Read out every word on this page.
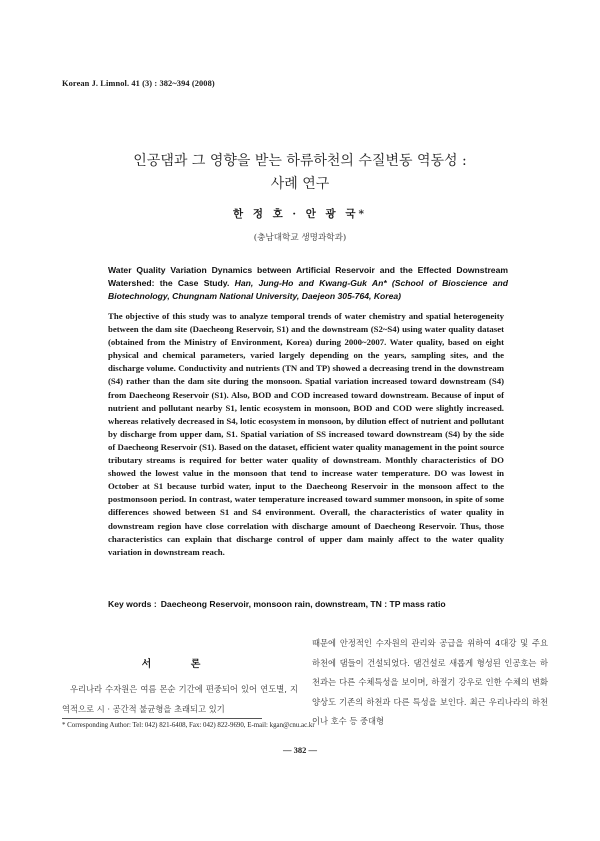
Korean J. Limnol. 41 (3) : 382~394 (2008)
인공댐과 그 영향을 받는 하류하천의 수질변동 역동성 :
사례 연구
한 정 호 · 안 광 국*
(충남대학교 생명과학과)
Water Quality Variation Dynamics between Artificial Reservoir and the Effected Downstream Watershed: the Case Study. Han, Jung-Ho and Kwang-Guk An* (School of Bioscience and Biotechnology, Chungnam National University, Daejeon 305-764, Korea)
The objective of this study was to analyze temporal trends of water chemistry and spatial heterogeneity between the dam site (Daecheong Reservoir, S1) and the downstream (S2~S4) using water quality dataset (obtained from the Ministry of Environment, Korea) during 2000~2007. Water quality, based on eight physical and chemical parameters, varied largely depending on the years, sampling sites, and the discharge volume. Conductivity and nutrients (TN and TP) showed a decreasing trend in the downstream (S4) rather than the dam site during the monsoon. Spatial variation increased toward downstream (S4) from Daecheong Reservoir (S1). Also, BOD and COD increased toward downstream. Because of input of nutrient and pollutant nearby S1, lentic ecosystem in monsoon, BOD and COD were slightly increased. whereas relatively decreased in S4, lotic ecosystem in monsoon, by dilution effect of nutrient and pollutant by discharge from upper dam, S1. Spatial variation of SS increased toward downstream (S4) by the side of Daecheong Reservoir (S1). Based on the dataset, efficient water quality management in the point source tributary streams is required for better water quality of downstream. Monthly characteristics of DO showed the lowest value in the monsoon that tend to increase water temperature. DO was lowest in October at S1 because turbid water, input to the Daecheong Reservoir in the monsoon affect to the postmonsoon period. In contrast, water temperature increased toward summer monsoon, in spite of some differences showed between S1 and S4 environment. Overall, the characteristics of water quality in downstream region have close correlation with discharge amount of Daecheong Reservoir. Thus, those characteristics can explain that discharge control of upper dam mainly affect to the water quality variation in downstream reach.
Key words : Daecheong Reservoir, monsoon rain, downstream, TN : TP mass ratio
서 론
우리나라 수자원은 여름 몬순 기간에 편중되어 있어 연도별, 지역적으로 시 · 공간적 불균형을 초래되고 있기
때문에 안정적인 수자원의 관리와 공급을 위하여 4대강 및 주요 하천에 댐들이 건설되었다. 댐건설로 새롭게 형성된 인공호는 하천과는 다른 수체특성을 보이며, 하절기 강우로 인한 수체의 변화양상도 기존의 하천과 다른 특성을 보인다. 최근 우리나라의 하천이나 호수 등 중대형
* Corresponding Author: Tel: 042) 821-6408, Fax: 042) 822-9690, E-mail: kgan@cnu.ac.kr
— 382 —
